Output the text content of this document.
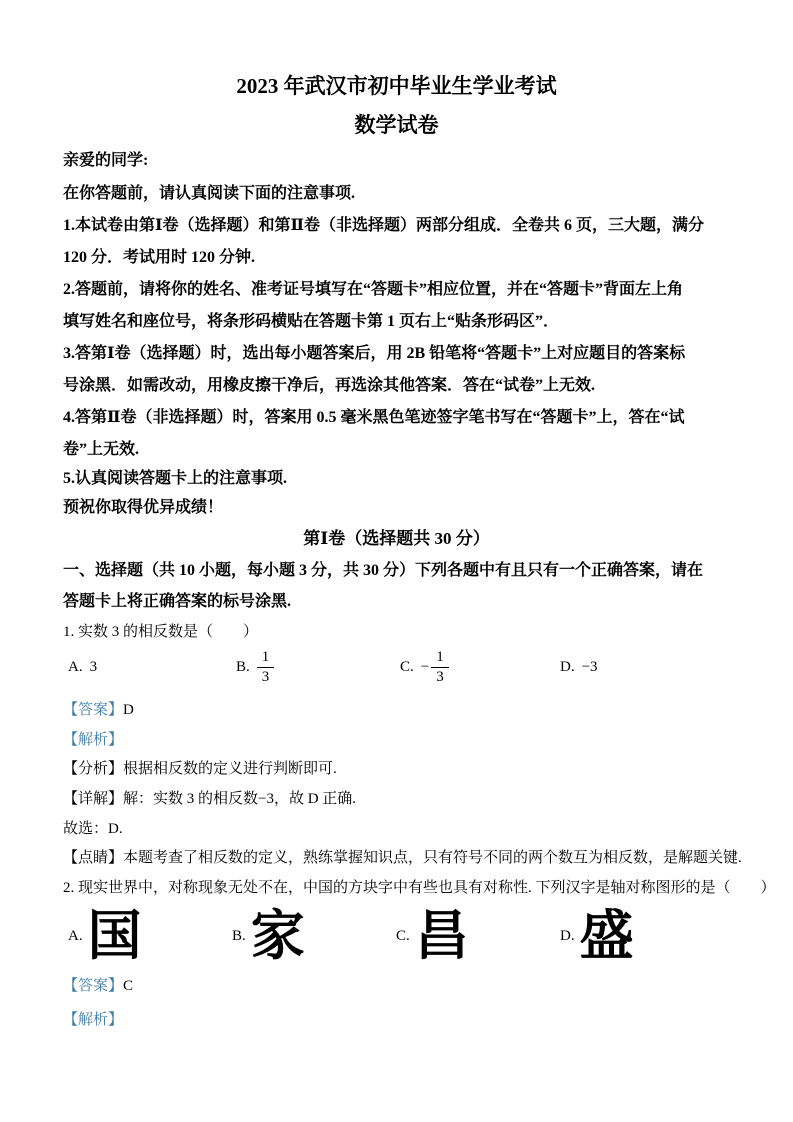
2023 年武汉市初中毕业生学业考试
数学试卷
亲爱的同学:
在你答题前，请认真阅读下面的注意事项.
1.本试卷由第Ⅰ卷（选择题）和第Ⅱ卷（非选择题）两部分组成．全卷共 6 页，三大题，满分
120 分．考试用时 120 分钟.
2.答题前，请将你的姓名、准考证号填写在“答题卡”相应位置，并在“答题卡”背面左上角
填写姓名和座位号，将条形码横贴在答题卡第 1 页右上“贴条形码区”．
3.答第Ⅰ卷（选择题）时，选出每小题答案后，用 2B 铅笔将“答题卡”上对应题目的答案标
号涂黑．如需改动，用橡皮擦干净后，再选涂其他答案．答在“试卷”上无效.
4.答第Ⅱ卷（非选择题）时，答案用 0.5 毫米黑色笔迹签字笔书写在“答题卡”上，答在“试
卷”上无效.
5.认真阅读答题卡上的注意事项.
预祝你取得优异成绩！
第Ⅰ卷（选择题共 30 分）
一、选择题（共 10 小题，每小题 3 分，共 30 分）下列各题中有且只有一个正确答案，请在
答题卡上将正确答案的标号涂黑.
1. 实数 3 的相反数是（　　）
A. 3	B. $\frac{1}{3}$	C. − $\frac{1}{3}$	D. −3
【答案】D
【解析】
【分析】根据相反数的定义进行判断即可.
【详解】解：实数 3 的相反数−3，故 D 正确.
故选：D.
【点睛】本题考查了相反数的定义，熟练掌握知识点，只有符号不同的两个数互为相反数，是解题关键.
2. 现实世界中，对称现象无处不在，中国的方块字中有些也具有对称性. 下列汉字是轴对称图形的是（　　）
A. 国	B. 家	C. 昌	D. 盛
【答案】C
【解析】
